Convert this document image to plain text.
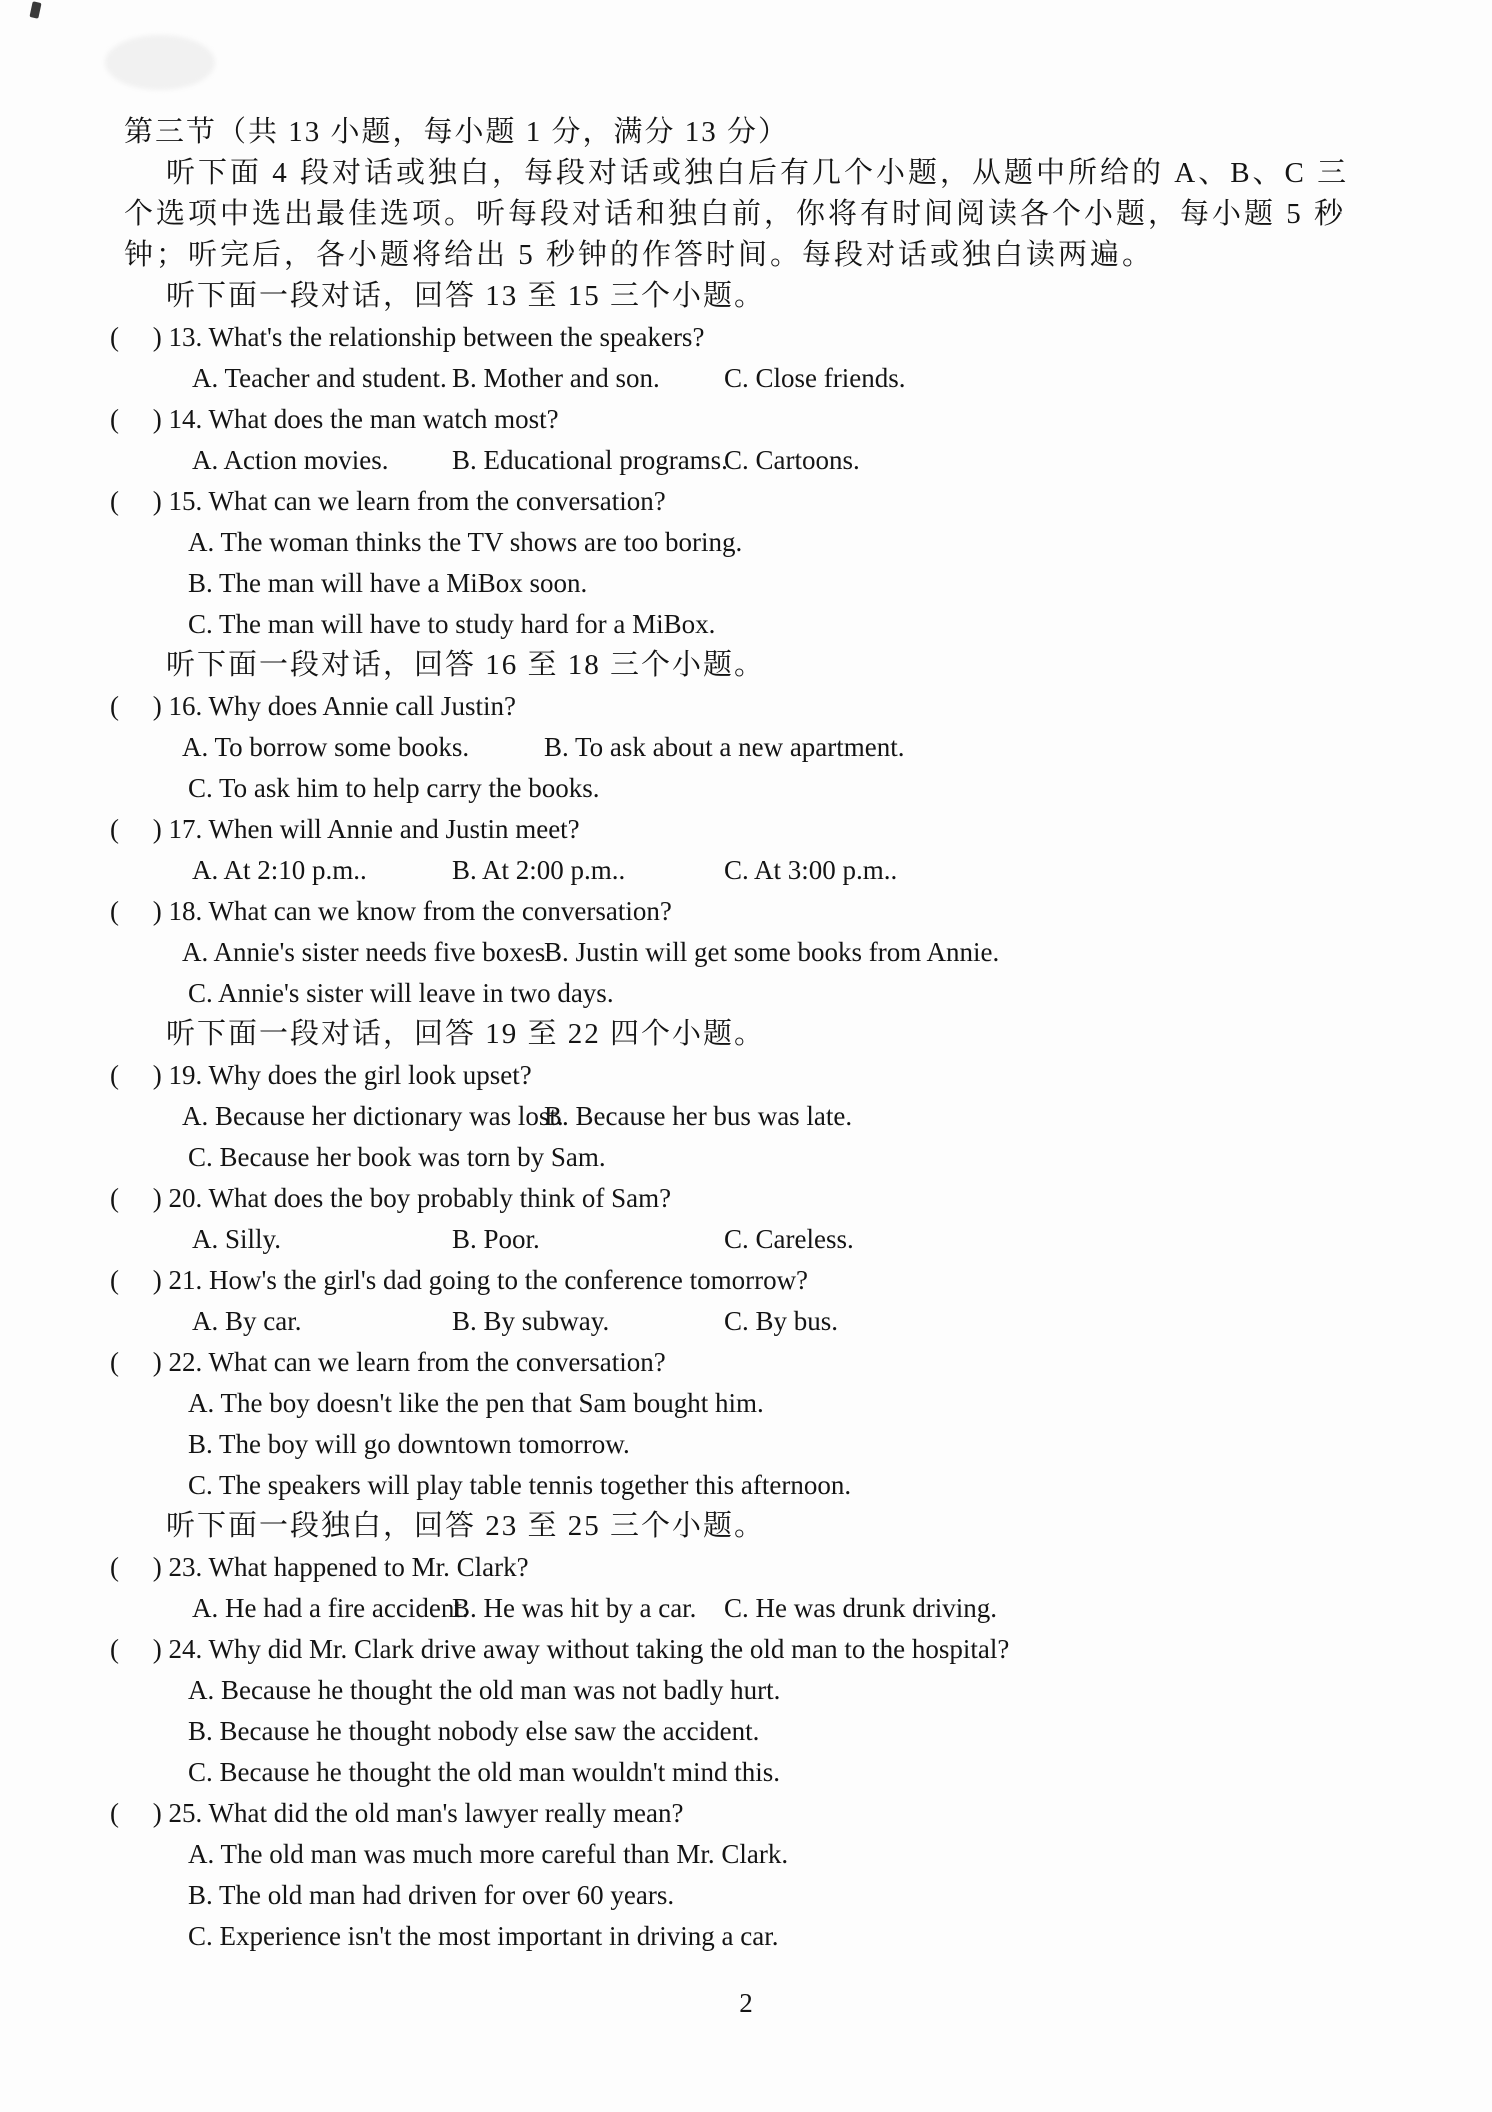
第三节（共 13 小题，每小题 1 分，满分 13 分）
听下面 4 段对话或独白，每段对话或独白后有几个小题，从题中所给的 A、B、C 三
个选项中选出最佳选项。听每段对话和独白前，你将有时间阅读各个小题，每小题 5 秒
钟；听完后，各小题将给出 5 秒钟的作答时间。每段对话或独白读两遍。
听下面一段对话，回答 13 至 15 三个小题。
(     ) 13. What's the relationship between the speakers?
A. Teacher and student. B. Mother and son.	C. Close friends.
(     ) 14. What does the man watch most?
A. Action movies.	B. Educational programs.
C. Cartoons.
(     ) 15. What can we learn from the conversation?
A. The woman thinks the TV shows are too boring.
B. The man will have a MiBox soon.
C. The man will have to study hard for a MiBox.
听下面一段对话，回答 16 至 18 三个小题。
(     ) 16. Why does Annie call Justin?
A. To borrow some books.	B. To ask about a new apartment.
C. To ask him to help carry the books.
(     ) 17. When will Annie and Justin meet?
A. At 2:10 p.m..	B. At 2:00 p.m..	C. At 3:00 p.m..
(     ) 18. What can we know from the conversation?
A. Annie's sister needs five boxes.
B. Justin will get some books from Annie.
C. Annie's sister will leave in two days.
听下面一段对话，回答 19 至 22 四个小题。
(     ) 19. Why does the girl look upset?
A. Because her dictionary was lost.
B. Because her bus was late.
C. Because her book was torn by Sam.
(     ) 20. What does the boy probably think of Sam?
A. Silly.	B. Poor.	C. Careless.
(     ) 21. How's the girl's dad going to the conference tomorrow?
A. By car.	B. By subway.	C. By bus.
(     ) 22. What can we learn from the conversation?
A. The boy doesn't like the pen that Sam bought him.
B. The boy will go downtown tomorrow.
C. The speakers will play table tennis together this afternoon.
听下面一段独白，回答 23 至 25 三个小题。
(     ) 23. What happened to Mr. Clark?
A. He had a fire accident.
B. He was hit by a car.	C. He was drunk driving.
(     ) 24. Why did Mr. Clark drive away without taking the old man to the hospital?
A. Because he thought the old man was not badly hurt.
B. Because he thought nobody else saw the accident.
C. Because he thought the old man wouldn't mind this.
(     ) 25. What did the old man's lawyer really mean?
A. The old man was much more careful than Mr. Clark.
B. The old man had driven for over 60 years.
C. Experience isn't the most important in driving a car.
2
